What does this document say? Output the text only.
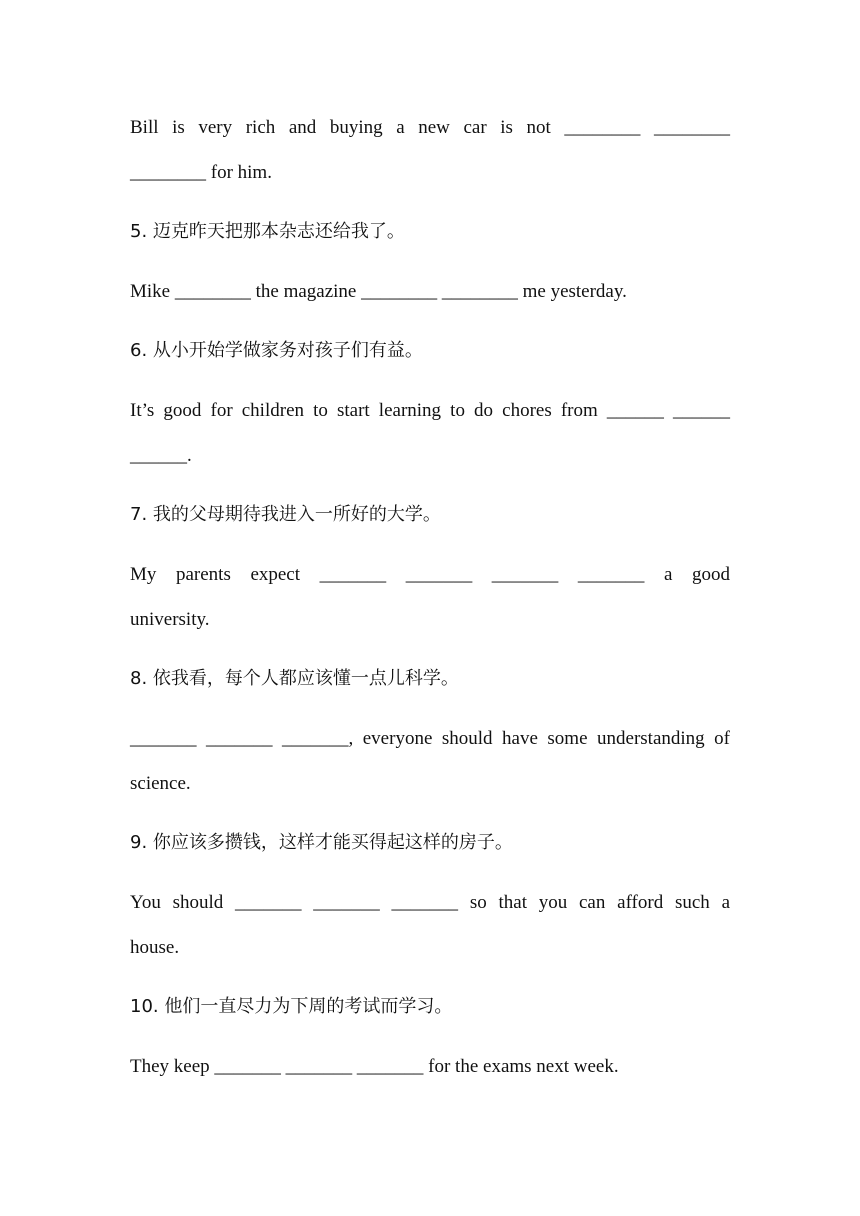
Bill is very rich and buying a new car is not ________ ________
________ for him.
5. 迈克昨天把那本杂志还给我了。
Mike ________ the magazine ________ ________ me yesterday.
6. 从小开始学做家务对孩子们有益。
It’s good for children to start learning to do chores from ______ ______
______.
7. 我的父母期待我进入一所好的大学。
My parents expect _______ _______ _______ _______ a good
university.
8. 依我看，每个人都应该懂一点儿科学。
_______ _______ _______, everyone should have some understanding of
science.
9. 你应该多攒钱，这样才能买得起这样的房子。
You should _______ _______ _______ so that you can afford such a
house.
10. 他们一直尽力为下周的考试而学习。
They keep _______ _______ _______ for the exams next week.
